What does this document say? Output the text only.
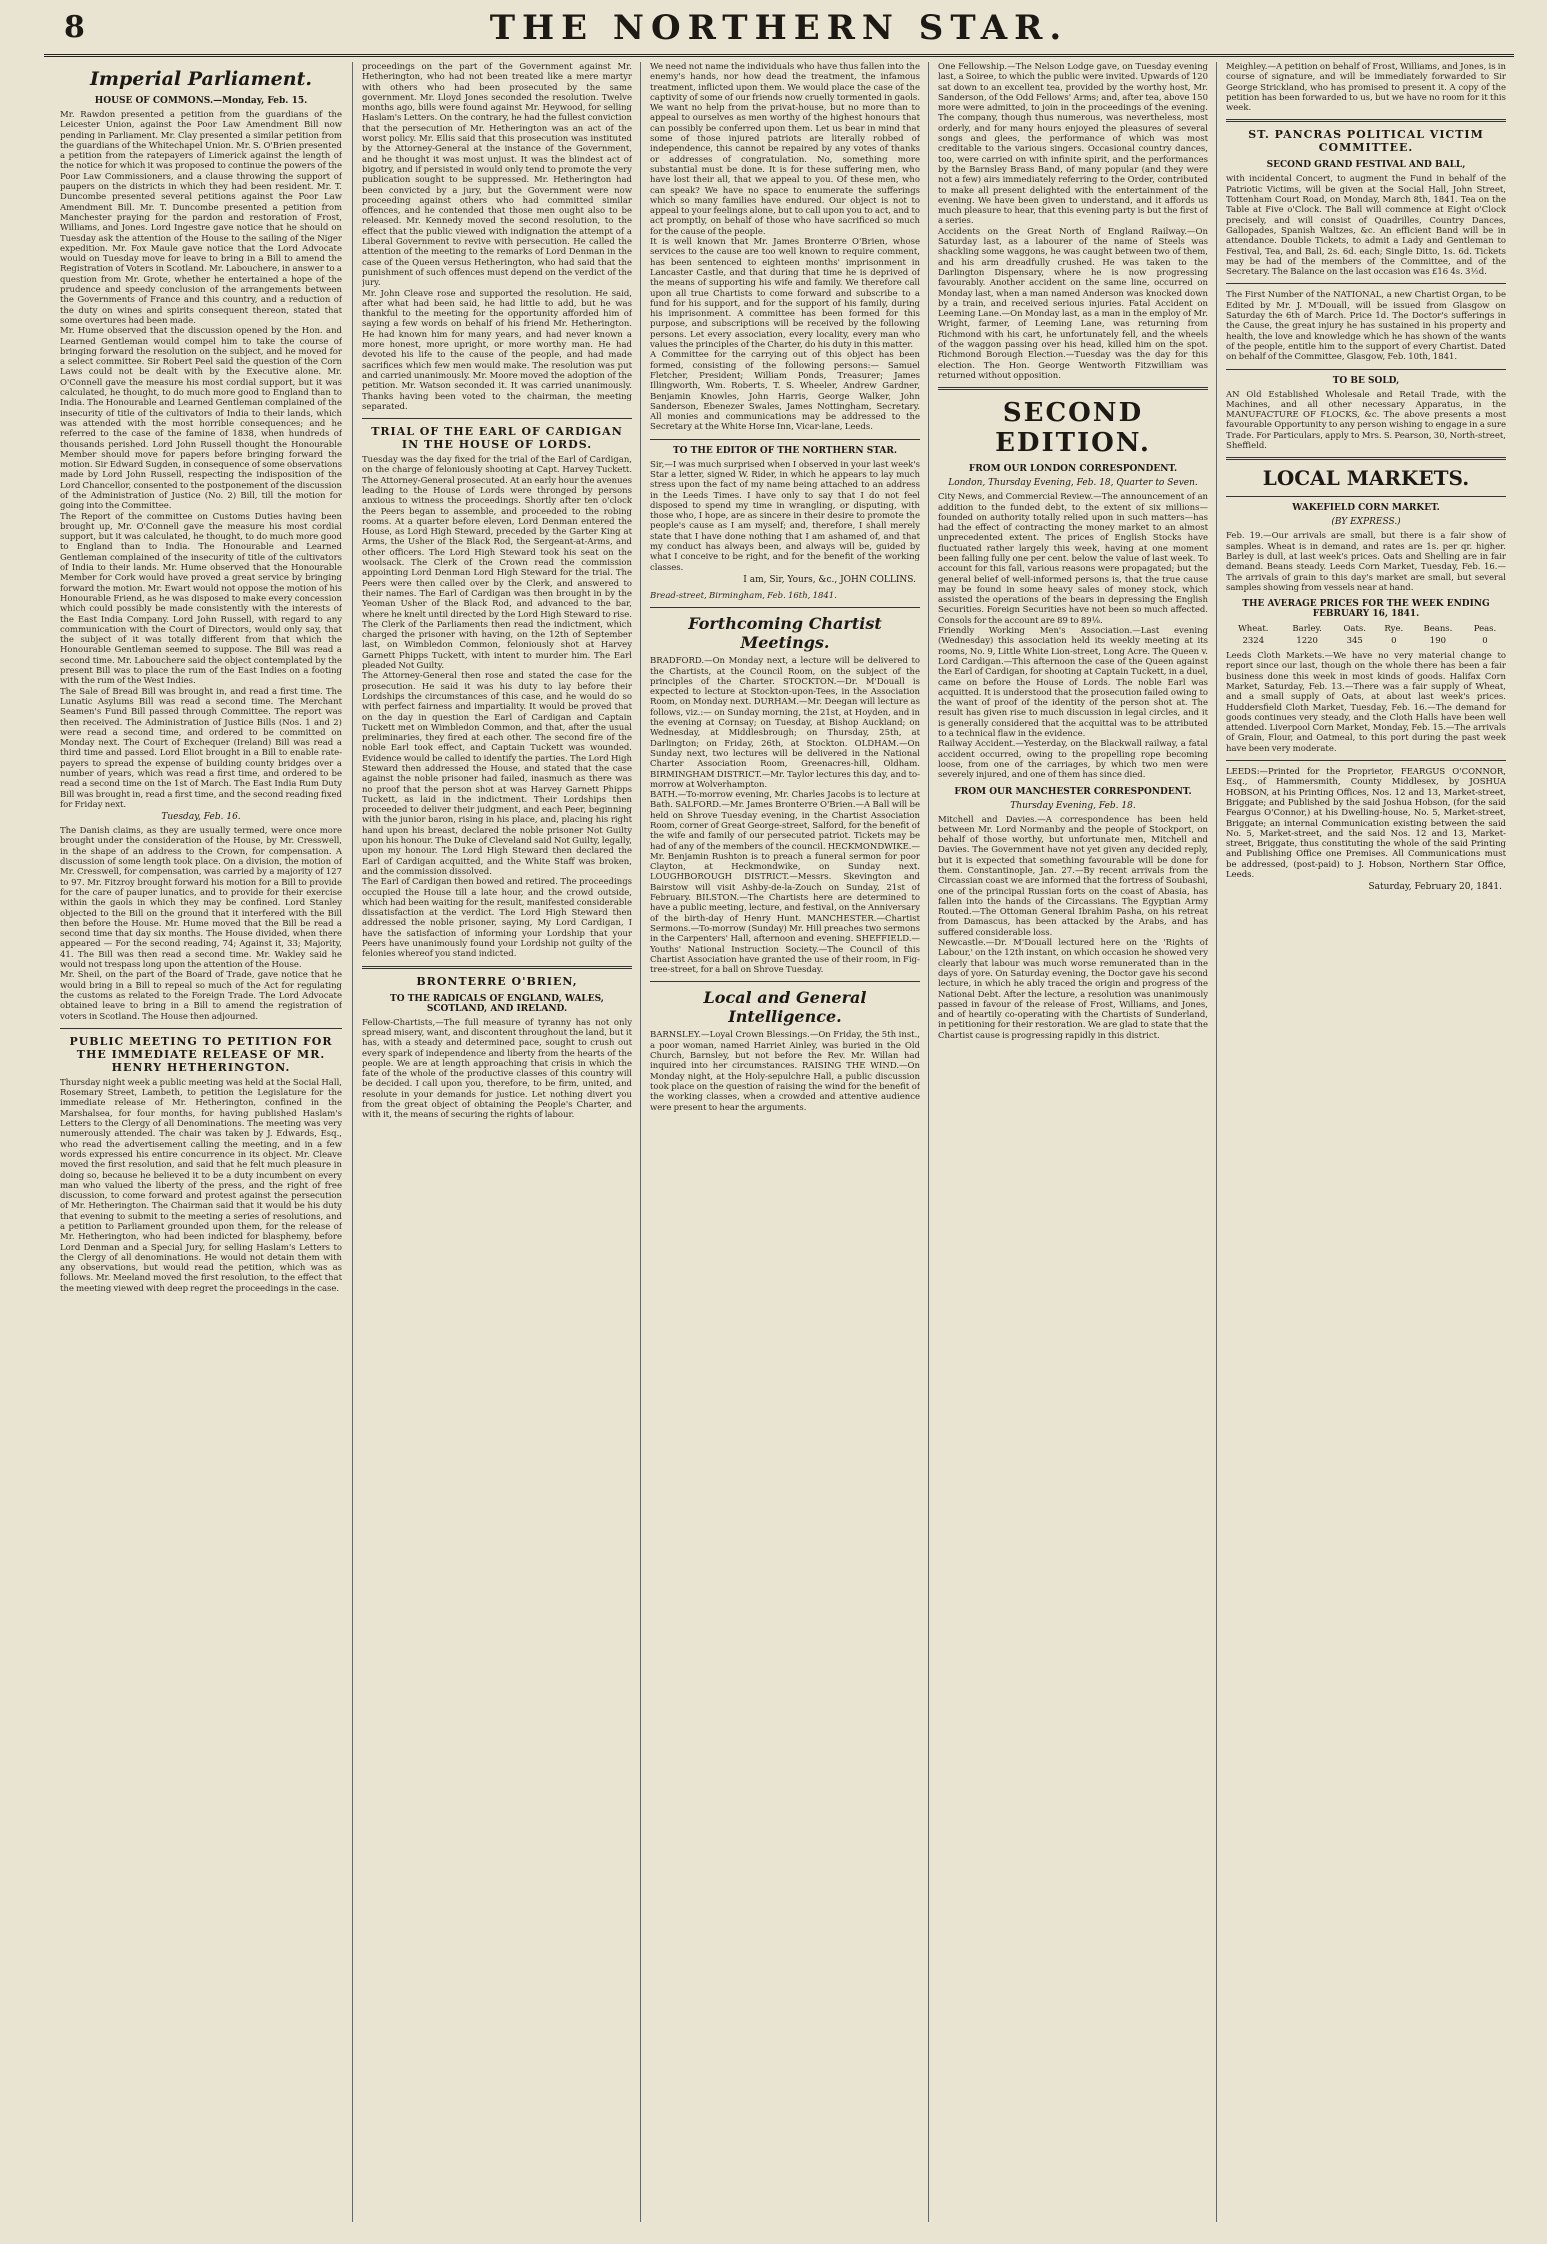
8	THE NORTHERN STAR.
Imperial Parliament.
HOUSE OF COMMONS.—Monday, Feb. 15.

Mr. Rawdon presented a petition from the guardians of the Leicester Union, against the Poor Law Amendment Bill now pending in Parliament. Mr. Clay presented a similar petition from the guardians of the Whitechapel Union. Mr. S. O'Brien presented a petition from the ratepayers of Limerick against the length of the notice for which it was proposed to continue the powers of the Poor Law Commissioners, and a clause throwing the support of paupers on the districts in which they had been resident. Mr. T. Duncombe presented several petitions against the Poor Law Amendment Bill. Mr. T. Duncombe presented a petition from Manchester praying for the pardon and restoration of Frost, Williams, and Jones. Lord Ingestre gave notice that he should on Tuesday ask the attention of the House to the sailing of the Niger expedition. Mr. Fox Maule gave notice that the Lord Advocate would on Tuesday move for leave to bring in a Bill to amend the Registration of Voters in Scotland. Mr. Labouchere, in answer to a question from Mr. Grote, whether he entertained a hope of the prudence and speedy conclusion of the arrangements between the Governments of France and this country, and a reduction of the duty on wines and spirits consequent thereon, stated that some overtures had been made.

Mr. Hume observed that the discussion opened by the Hon. and Learned Gentleman would compel him to take the course of bringing forward the resolution on the subject, and he moved for a select committee. Sir Robert Peel said the question of the Corn Laws could not be dealt with by the Executive alone. Mr. O'Connell gave the measure his most cordial support, but it was calculated, he thought, to do much more good to England than to India. The Honourable and Learned Gentleman complained of the insecurity of title of the cultivators of India to their lands, which was attended with the most horrible consequences; and he referred to the case of the famine of 1838, when hundreds of thousands perished. Lord John Russell thought the Honourable Member should move for papers before bringing forward the motion. Sir Edward Sugden, in consequence of some observations made by Lord John Russell, respecting the indisposition of the Lord Chancellor, consented to the postponement of the discussion of the Administration of Justice (No. 2) Bill, till the motion for going into the Committee.

The Report of the committee on Customs Duties having been brought up, Mr. O'Connell gave the measure his most cordial support, but it was calculated, he thought, to do much more good to England than to India. The Honourable and Learned Gentleman complained of the insecurity of title of the cultivators of India to their lands. Mr. Hume observed that the Honourable Member for Cork would have proved a great service by bringing forward the motion. Mr. Ewart would not oppose the motion of his Honourable Friend, as he was disposed to make every concession which could possibly be made consistently with the interests of the East India Company. Lord John Russell, with regard to any communication with the Court of Directors, would only say, that the subject of it was totally different from that which the Honourable Gentleman seemed to suppose. The Bill was read a second time. Mr. Labouchere said the object contemplated by the present Bill was to place the rum of the East Indies on a footing with the rum of the West Indies.

The Sale of Bread Bill was brought in, and read a first time. The Lunatic Asylums Bill was read a second time. The Merchant Seamen's Fund Bill passed through Committee. The report was then received. The Administration of Justice Bills (Nos. 1 and 2) were read a second time, and ordered to be committed on Monday next. The Court of Exchequer (Ireland) Bill was read a third time and passed. Lord Eliot brought in a Bill to enable rate-payers to spread the expense of building county bridges over a number of years, which was read a first time, and ordered to be read a second time on the 1st of March. The East India Rum Duty Bill was brought in, read a first time, and the second reading fixed for Friday next.

Tuesday, Feb. 16.

The Danish claims, as they are usually termed, were once more brought under the consideration of the House, by Mr. Cresswell, in the shape of an address to the Crown, for compensation. A discussion of some length took place. On a division, the motion of Mr. Cresswell, for compensation, was carried by a majority of 127 to 97. Mr. Fitzroy brought forward his motion for a Bill to provide for the care of pauper lunatics, and to provide for their exercise within the gaols in which they may be confined. Lord Stanley objected to the Bill on the ground that it interfered with the Bill then before the House. Mr. Hume moved that the Bill be read a second time that day six months. The House divided, when there appeared — For the second reading, 74; Against it, 33; Majority, 41. The Bill was then read a second time. Mr. Wakley said he would not trespass long upon the attention of the House.

Mr. Sheil, on the part of the Board of Trade, gave notice that he would bring in a Bill to repeal so much of the Act for regulating the customs as related to the Foreign Trade. The Lord Advocate obtained leave to bring in a Bill to amend the registration of voters in Scotland. The House then adjourned.

PUBLIC MEETING TO PETITION FOR THE IMMEDIATE RELEASE OF MR. HENRY HETHERINGTON.

Thursday night week a public meeting was held at the Social Hall, Rosemary Street, Lambeth, to petition the Legislature for the immediate release of Mr. Hetherington, confined in the Marshalsea, for four months, for having published Haslam's Letters to the Clergy of all Denominations. The meeting was very numerously attended. The chair was taken by J. Edwards, Esq., who read the advertisement calling the meeting, and in a few words expressed his entire concurrence in its object. Mr. Cleave moved the first resolution, and said that he felt much pleasure in doing so, because he believed it to be a duty incumbent on every man who valued the liberty of the press, and the right of free discussion, to come forward and protest against the persecution of Mr. Hetherington. The Chairman said that it would be his duty that evening to submit to the meeting a series of resolutions, and a petition to Parliament grounded upon them, for the release of Mr. Hetherington, who had been indicted for blasphemy, before Lord Denman and a Special Jury, for selling Haslam's Letters to the Clergy of all denominations. He would not detain them with any observations, but would read the petition, which was as follows. Mr. Meeland moved the first resolution, to the effect that the meeting viewed with deep regret the proceedings in the case.

proceedings on the part of the Government against Mr. Hetherington, who had not been treated like a mere martyr with others who had been prosecuted by the same government. Mr. Lloyd Jones seconded the resolution. Twelve months ago, bills were found against Mr. Heywood, for selling Haslam's Letters. On the contrary, he had the fullest conviction that the persecution of Mr. Hetherington was an act of the worst policy. Mr. Ellis said that this prosecution was instituted by the Attorney-General at the instance of the Government, and he thought it was most unjust. It was the blindest act of bigotry, and if persisted in would only tend to promote the very publication sought to be suppressed. Mr. Hetherington had been convicted by a jury, but the Government were now proceeding against others who had committed similar offences, and he contended that those men ought also to be released. Mr. Kennedy moved the second resolution, to the effect that the public viewed with indignation the attempt of a Liberal Government to revive with persecution. He called the attention of the meeting to the remarks of Lord Denman in the case of the Queen versus Hetherington, who had said that the punishment of such offences must depend on the verdict of the jury.

Mr. John Cleave rose and supported the resolution. He said, after what had been said, he had little to add, but he was thankful to the meeting for the opportunity afforded him of saying a few words on behalf of his friend Mr. Hetherington. He had known him for many years, and had never known a more honest, more upright, or more worthy man. He had devoted his life to the cause of the people, and had made sacrifices which few men would make. The resolution was put and carried unanimously. Mr. Moore moved the adoption of the petition. Mr. Watson seconded it. It was carried unanimously. Thanks having been voted to the chairman, the meeting separated.

TRIAL OF THE EARL OF CARDIGAN IN THE HOUSE OF LORDS.

Tuesday was the day fixed for the trial of the Earl of Cardigan, on the charge of feloniously shooting at Capt. Harvey Tuckett. The Attorney-General prosecuted. At an early hour the avenues leading to the House of Lords were thronged by persons anxious to witness the proceedings. Shortly after ten o'clock the Peers began to assemble, and proceeded to the robing rooms. At a quarter before eleven, Lord Denman entered the House, as Lord High Steward, preceded by the Garter King at Arms, the Usher of the Black Rod, the Sergeant-at-Arms, and other officers. The Lord High Steward took his seat on the woolsack. The Clerk of the Crown read the commission appointing Lord Denman Lord High Steward for the trial. The Peers were then called over by the Clerk, and answered to their names. The Earl of Cardigan was then brought in by the Yeoman Usher of the Black Rod, and advanced to the bar, where he knelt until directed by the Lord High Steward to rise. The Clerk of the Parliaments then read the indictment, which charged the prisoner with having, on the 12th of September last, on Wimbledon Common, feloniously shot at Harvey Garnett Phipps Tuckett, with intent to murder him. The Earl pleaded Not Guilty.

The Attorney-General then rose and stated the case for the prosecution. He said it was his duty to lay before their Lordships the circumstances of this case, and he would do so with perfect fairness and impartiality. It would be proved that on the day in question the Earl of Cardigan and Captain Tuckett met on Wimbledon Common, and that, after the usual preliminaries, they fired at each other. The second fire of the noble Earl took effect, and Captain Tuckett was wounded. Evidence would be called to identify the parties. The Lord High Steward then addressed the House, and stated that the case against the noble prisoner had failed, inasmuch as there was no proof that the person shot at was Harvey Garnett Phipps Tuckett, as laid in the indictment. Their Lordships then proceeded to deliver their judgment, and each Peer, beginning with the junior baron, rising in his place, and, placing his right hand upon his breast, declared the noble prisoner Not Guilty upon his honour. The Duke of Cleveland said Not Guilty, legally, upon my honour. The Lord High Steward then declared the Earl of Cardigan acquitted, and the White Staff was broken, and the commission dissolved.

The Earl of Cardigan then bowed and retired. The proceedings occupied the House till a late hour, and the crowd outside, which had been waiting for the result, manifested considerable dissatisfaction at the verdict. The Lord High Steward then addressed the noble prisoner, saying, My Lord Cardigan, I have the satisfaction of informing your Lordship that your Peers have unanimously found your Lordship not guilty of the felonies whereof you stand indicted.

BRONTERRE O'BRIEN,
TO THE RADICALS OF ENGLAND, WALES, SCOTLAND, AND IRELAND.

Fellow-Chartists,—The full measure of tyranny has not only spread misery, want, and discontent throughout the land, but it has, with a steady and determined pace, sought to crush out every spark of independence and liberty from the hearts of the people. We are at length approaching that crisis in which the fate of the whole of the productive classes of this country will be decided. I call upon you, therefore, to be firm, united, and resolute in your demands for justice. Let nothing divert you from the great object of obtaining the People's Charter, and with it, the means of securing the rights of labour.

We need not name the individuals who have thus fallen into the enemy's hands, nor how dead the treatment, the infamous treatment, inflicted upon them. We would place the case of the captivity of some of our friends now cruelly tormented in gaols. We want no help from the privat-house, but no more than to appeal to ourselves as men worthy of the highest honours that can possibly be conferred upon them. Let us bear in mind that some of those injured patriots are literally robbed of independence, this cannot be repaired by any votes of thanks or addresses of congratulation. No, something more substantial must be done. It is for these suffering men, who have lost their all, that we appeal to you. Of these men, who can speak? We have no space to enumerate the sufferings which so many families have endured. Our object is not to appeal to your feelings alone, but to call upon you to act, and to act promptly, on behalf of those who have sacrificed so much for the cause of the people.

It is well known that Mr. James Bronterre O'Brien, whose services to the cause are too well known to require comment, has been sentenced to eighteen months' imprisonment in Lancaster Castle, and that during that time he is deprived of the means of supporting his wife and family. We therefore call upon all true Chartists to come forward and subscribe to a fund for his support, and for the support of his family, during his imprisonment. A committee has been formed for this purpose, and subscriptions will be received by the following persons. Let every association, every locality, every man who values the principles of the Charter, do his duty in this matter.

A Committee for the carrying out of this object has been formed, consisting of the following persons:— Samuel Fletcher, President; William Ponds, Treasurer; James Illingworth, Wm. Roberts, T. S. Wheeler, Andrew Gardner, Benjamin Knowles, John Harris, George Walker, John Sanderson, Ebenezer Swales, James Nottingham, Secretary. All monies and communications may be addressed to the Secretary at the White Horse Inn, Vicar-lane, Leeds.

TO THE EDITOR OF THE NORTHERN STAR.

Sir,—I was much surprised when I observed in your last week's Star a letter, signed W. Rider, in which he appears to lay much stress upon the fact of my name being attached to an address in the Leeds Times. I have only to say that I do not feel disposed to spend my time in wrangling, or disputing, with those who, I hope, are as sincere in their desire to promote the people's cause as I am myself; and, therefore, I shall merely state that I have done nothing that I am ashamed of, and that my conduct has always been, and always will be, guided by what I conceive to be right, and for the benefit of the working classes.

I am, Sir, Yours, &c., JOHN COLLINS.
Bread-street, Birmingham, Feb. 16th, 1841.
Forthcoming Chartist Meetings.

BRADFORD.—On Monday next, a lecture will be delivered to the Chartists, at the Council Room, on the subject of the principles of the Charter. STOCKTON.—Dr. M'Douall is expected to lecture at Stockton-upon-Tees, in the Association Room, on Monday next. DURHAM.—Mr. Deegan will lecture as follows, viz.:— on Sunday morning, the 21st, at Hoyden, and in the evening at Cornsay; on Tuesday, at Bishop Auckland; on Wednesday, at Middlesbrough; on Thursday, 25th, at Darlington; on Friday, 26th, at Stockton. OLDHAM.—On Sunday next, two lectures will be delivered in the National Charter Association Room, Greenacres-hill, Oldham. BIRMINGHAM DISTRICT.—Mr. Taylor lectures this day, and to-morrow at Wolverhampton.

BATH.—To-morrow evening, Mr. Charles Jacobs is to lecture at Bath. SALFORD.—Mr. James Bronterre O'Brien.—A Ball will be held on Shrove Tuesday evening, in the Chartist Association Room, corner of Great George-street, Salford, for the benefit of the wife and family of our persecuted patriot. Tickets may be had of any of the members of the council. HECKMONDWIKE.—Mr. Benjamin Rushton is to preach a funeral sermon for poor Clayton, at Heckmondwike, on Sunday next. LOUGHBOROUGH DISTRICT.—Messrs. Skevington and Bairstow will visit Ashby-de-la-Zouch on Sunday, 21st of February. BILSTON.—The Chartists here are determined to have a public meeting, lecture, and festival, on the Anniversary of the birth-day of Henry Hunt. MANCHESTER.—Chartist Sermons.—To-morrow (Sunday) Mr. Hill preaches two sermons in the Carpenters' Hall, afternoon and evening. SHEFFIELD.—Youths' National Instruction Society.—The Council of this Chartist Association have granted the use of their room, in Fig-tree-street, for a ball on Shrove Tuesday.

Local and General Intelligence.

BARNSLEY.—Loyal Crown Blessings.—On Friday, the 5th inst., a poor woman, named Harriet Ainley, was buried in the Old Church, Barnsley, but not before the Rev. Mr. Willan had inquired into her circumstances. RAISING THE WIND.—On Monday night, at the Holy-sepulchre Hall, a public discussion took place on the question of raising the wind for the benefit of the working classes, when a crowded and attentive audience were present to hear the arguments.

One Fellowship.—The Nelson Lodge gave, on Tuesday evening last, a Soiree, to which the public were invited. Upwards of 120 sat down to an excellent tea, provided by the worthy host, Mr. Sanderson, of the Odd Fellows' Arms; and, after tea, above 150 more were admitted, to join in the proceedings of the evening. The company, though thus numerous, was nevertheless, most orderly, and for many hours enjoyed the pleasures of several songs and glees, the performance of which was most creditable to the various singers. Occasional country dances, too, were carried on with infinite spirit, and the performances by the Barnsley Brass Band, of many popular (and they were not a few) airs immediately referring to the Order, contributed to make all present delighted with the entertainment of the evening. We have been given to understand, and it affords us much pleasure to hear, that this evening party is but the first of a series.

Accidents on the Great North of England Railway.—On Saturday last, as a labourer of the name of Steels was shackling some waggons, he was caught between two of them, and his arm dreadfully crushed. He was taken to the Darlington Dispensary, where he is now progressing favourably. Another accident on the same line, occurred on Monday last, when a man named Anderson was knocked down by a train, and received serious injuries. Fatal Accident on Leeming Lane.—On Monday last, as a man in the employ of Mr. Wright, farmer, of Leeming Lane, was returning from Richmond with his cart, he unfortunately fell, and the wheels of the waggon passing over his head, killed him on the spot. Richmond Borough Election.—Tuesday was the day for this election. The Hon. George Wentworth Fitzwilliam was returned without opposition.

SECOND EDITION.
FROM OUR LONDON CORRESPONDENT.
London, Thursday Evening, Feb. 18, Quarter to Seven.

City News, and Commercial Review.—The announcement of an addition to the funded debt, to the extent of six millions—founded on authority totally relied upon in such matters—has had the effect of contracting the money market to an almost unprecedented extent. The prices of English Stocks have fluctuated rather largely this week, having at one moment been falling fully one per cent. below the value of last week. To account for this fall, various reasons were propagated; but the general belief of well-informed persons is, that the true cause may be found in some heavy sales of money stock, which assisted the operations of the bears in depressing the English Securities. Foreign Securities have not been so much affected. Consols for the account are 89 to 89⅛.

Friendly Working Men's Association.—Last evening (Wednesday) this association held its weekly meeting at its rooms, No. 9, Little White Lion-street, Long Acre. The Queen v. Lord Cardigan.—This afternoon the case of the Queen against the Earl of Cardigan, for shooting at Captain Tuckett, in a duel, came on before the House of Lords. The noble Earl was acquitted. It is understood that the prosecution failed owing to the want of proof of the identity of the person shot at. The result has given rise to much discussion in legal circles, and it is generally considered that the acquittal was to be attributed to a technical flaw in the evidence.

Railway Accident.—Yesterday, on the Blackwall railway, a fatal accident occurred, owing to the propelling rope becoming loose, from one of the carriages, by which two men were severely injured, and one of them has since died.

FROM OUR MANCHESTER CORRESPONDENT.
Thursday Evening, Feb. 18.

Mitchell and Davies.—A correspondence has been held between Mr. Lord Normanby and the people of Stockport, on behalf of those worthy, but unfortunate men, Mitchell and Davies. The Government have not yet given any decided reply, but it is expected that something favourable will be done for them. Constantinople, Jan. 27.—By recent arrivals from the Circassian coast we are informed that the fortress of Soubashi, one of the principal Russian forts on the coast of Abasia, has fallen into the hands of the Circassians. The Egyptian Army Routed.—The Ottoman General Ibrahim Pasha, on his retreat from Damascus, has been attacked by the Arabs, and has suffered considerable loss.

Newcastle.—Dr. M'Douall lectured here on the 'Rights of Labour,' on the 12th instant, on which occasion he showed very clearly that labour was much worse remunerated than in the days of yore. On Saturday evening, the Doctor gave his second lecture, in which he ably traced the origin and progress of the National Debt. After the lecture, a resolution was unanimously passed in favour of the release of Frost, Williams, and Jones, and of heartily co-operating with the Chartists of Sunderland, in petitioning for their restoration. We are glad to state that the Chartist cause is progressing rapidly in this district.

Meighley.—A petition on behalf of Frost, Williams, and Jones, is in course of signature, and will be immediately forwarded to Sir George Strickland, who has promised to present it. A copy of the petition has been forwarded to us, but we have no room for it this week.

ST. PANCRAS POLITICAL VICTIM COMMITTEE.
SECOND GRAND FESTIVAL AND BALL,

with incidental Concert, to augment the Fund in behalf of the Patriotic Victims, will be given at the Social Hall, John Street, Tottenham Court Road, on Monday, March 8th, 1841. Tea on the Table at Five o'Clock. The Ball will commence at Eight o'Clock precisely, and will consist of Quadrilles, Country Dances, Gallopades, Spanish Waltzes, &c. An efficient Band will be in attendance. Double Tickets, to admit a Lady and Gentleman to Festival, Tea, and Ball, 2s. 6d. each; Single Ditto, 1s. 6d. Tickets may be had of the members of the Committee, and of the Secretary. The Balance on the last occasion was £16 4s. 3½d.

The First Number of the NATIONAL, a new Chartist Organ, to be Edited by Mr. J. M'Douall, will be issued from Glasgow on Saturday the 6th of March. Price 1d. The Doctor's sufferings in the Cause, the great injury he has sustained in his property and health, the love and knowledge which he has shown of the wants of the people, entitle him to the support of every Chartist. Dated on behalf of the Committee, Glasgow, Feb. 10th, 1841.

TO BE SOLD,

AN Old Established Wholesale and Retail Trade, with the Machines, and all other necessary Apparatus, in the MANUFACTURE OF FLOCKS, &c. The above presents a most favourable Opportunity to any person wishing to engage in a sure Trade. For Particulars, apply to Mrs. S. Pearson, 30, North-street, Sheffield.

LOCAL MARKETS.
WAKEFIELD CORN MARKET.
(BY EXPRESS.)

Feb. 19.—Our arrivals are small, but there is a fair show of samples. Wheat is in demand, and rates are 1s. per qr. higher. Barley is dull, at last week's prices. Oats and Shelling are in fair demand. Beans steady. Leeds Corn Market, Tuesday, Feb. 16.—The arrivals of grain to this day's market are small, but several samples showing from vessels near at hand.

THE AVERAGE PRICES FOR THE WEEK ENDING FEBRUARY 16, 1841.
Wheat.	Barley.	Oats.	Rye.	Beans.	Peas.
2324	1220	345	0	190	0

Leeds Cloth Markets.—We have no very material change to report since our last, though on the whole there has been a fair business done this week in most kinds of goods. Halifax Corn Market, Saturday, Feb. 13.—There was a fair supply of Wheat, and a small supply of Oats, at about last week's prices. Huddersfield Cloth Market, Tuesday, Feb. 16.—The demand for goods continues very steady, and the Cloth Halls have been well attended. Liverpool Corn Market, Monday, Feb. 15.—The arrivals of Grain, Flour, and Oatmeal, to this port during the past week have been very moderate.

LEEDS:—Printed for the Proprietor, FEARGUS O'CONNOR, Esq., of Hammersmith, County Middlesex, by JOSHUA HOBSON, at his Printing Offices, Nos. 12 and 13, Market-street, Briggate; and Published by the said Joshua Hobson, (for the said Feargus O'Connor,) at his Dwelling-house, No. 5, Market-street, Briggate; an internal Communication existing between the said No. 5, Market-street, and the said Nos. 12 and 13, Market-street, Briggate, thus constituting the whole of the said Printing and Publishing Office one Premises. All Communications must be addressed, (post-paid) to J. Hobson, Northern Star Office, Leeds.

Saturday, February 20, 1841.
